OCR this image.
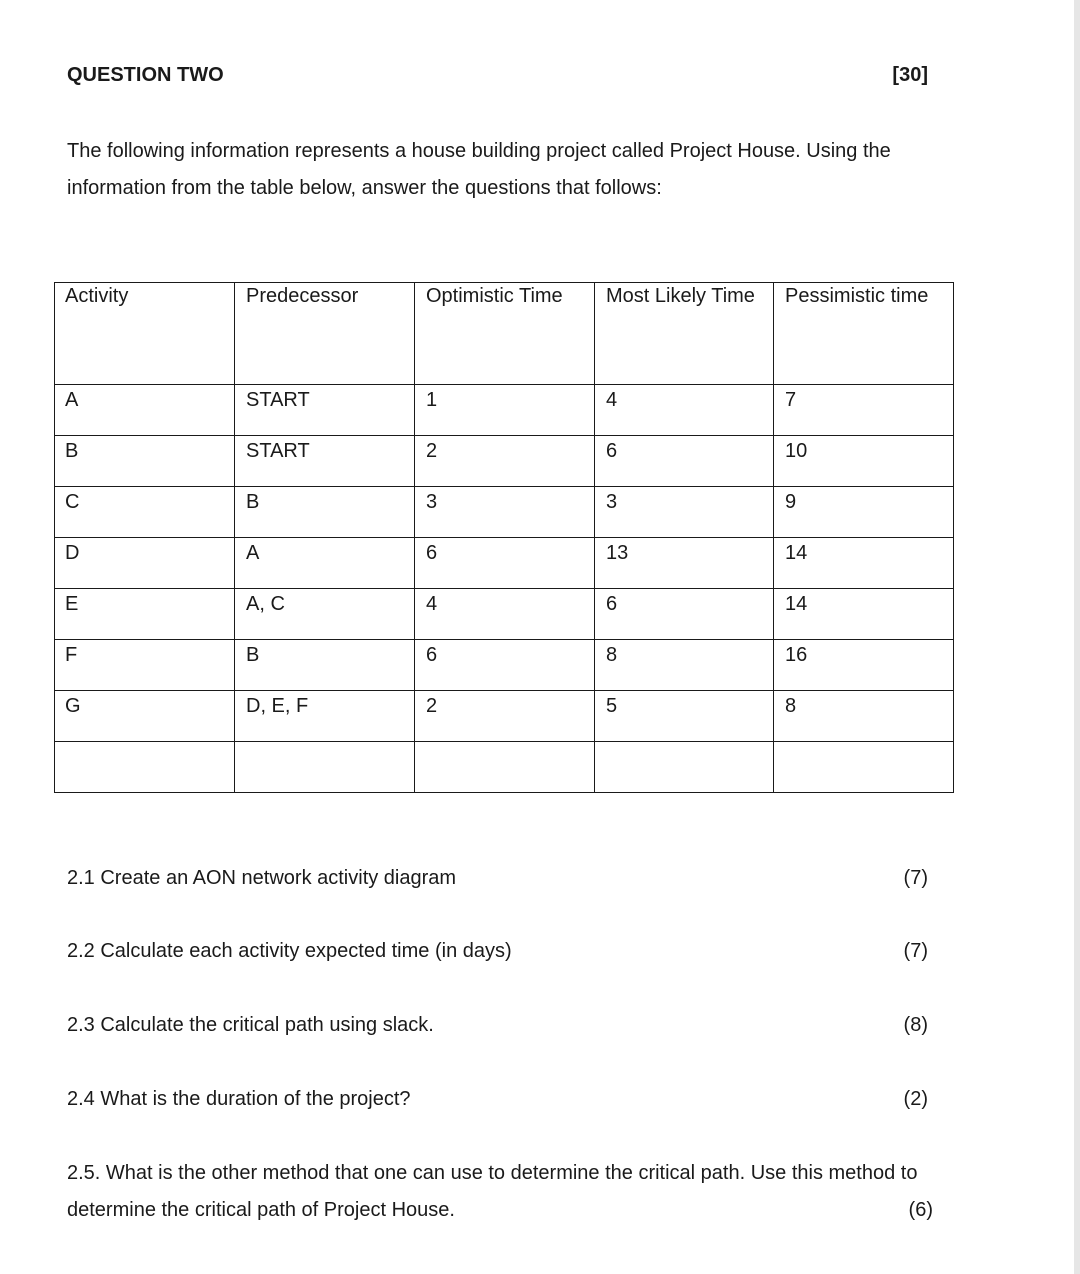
QUESTION TWO	[30]
The following information represents a house building project called Project House. Using the information from the table below, answer the questions that follows:
Activity	Predecessor	Optimistic Time	Most Likely Time	Pessimistic time
A	START	1	4	7
B	START	2	6	10
C	B	3	3	9
D	A	6	13	14
E	A, C	4	6	14
F	B	6	8	16
G	D, E, F	2	5	8

2.1 Create an AON network activity diagram	(7)
2.2 Calculate each activity expected time (in days)	(7)
2.3 Calculate the critical path using slack.	(8)
2.4 What is the duration of the project?	(2)
2.5. What is the other method that one can use to determine the critical path. Use this method to determine the critical path of Project House.	(6)
